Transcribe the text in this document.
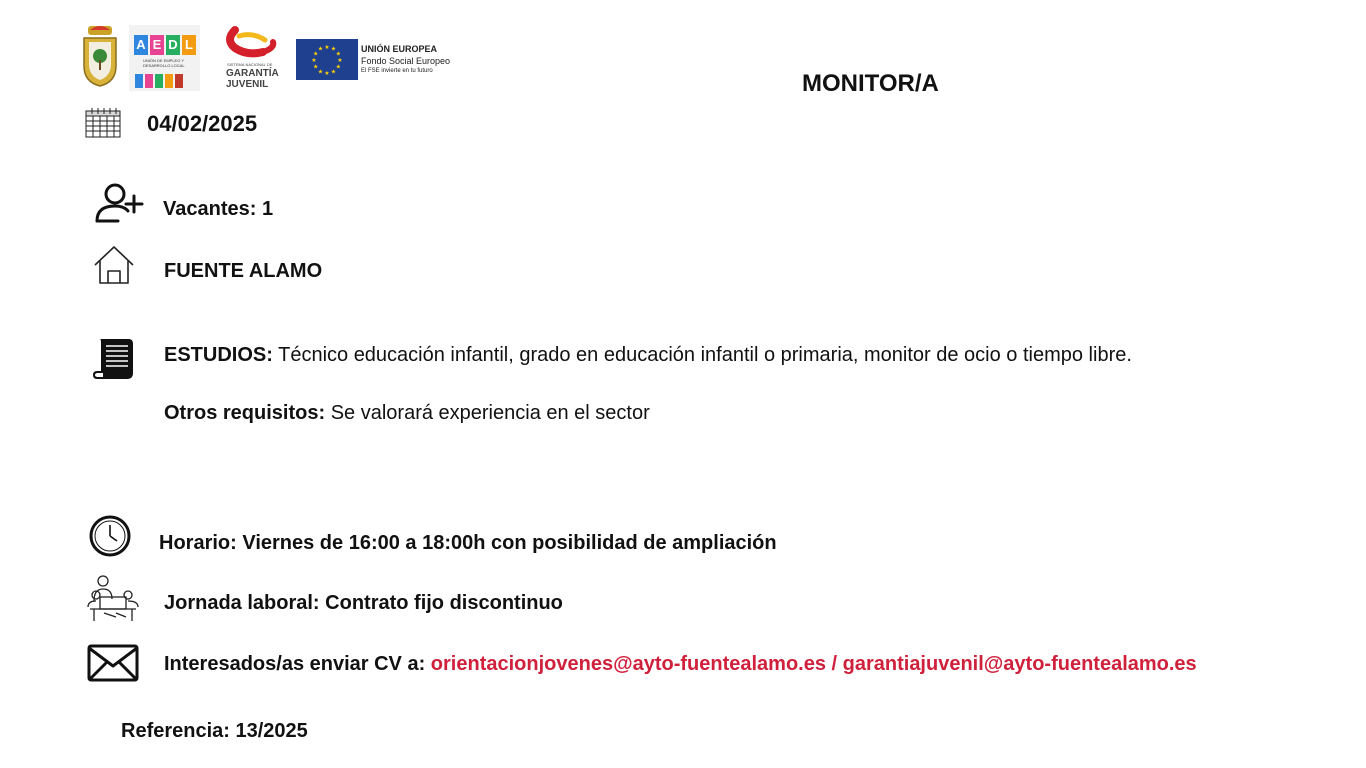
A E D L
UNIÓN DE EMPLEO Y DESARROLLO LOCAL	SISTEMA NACIONAL DE
GARANTÍA
JUVENIL
★
★
★
★
★
★
★
★
★ ★ ★
★
UNIÓN EUROPEA
Fondo Social Europeo
El FSE invierte en tu futuro	MONITOR/A
04/02/2025
Vacantes: 1
FUENTE ALAMO
ESTUDIOS: Técnico educación infantil, grado en educación infantil o primaria, monitor de ocio o tiempo libre.
Otros requisitos: Se valorará experiencia en el sector
Horario: Viernes de 16:00 a 18:00h con posibilidad de ampliación
Jornada laboral: Contrato fijo discontinuo
Interesados/as enviar CV a: orientacionjovenes@ayto-fuentealamo.es / garantiajuvenil@ayto-fuentealamo.es
Referencia: 13/2025
